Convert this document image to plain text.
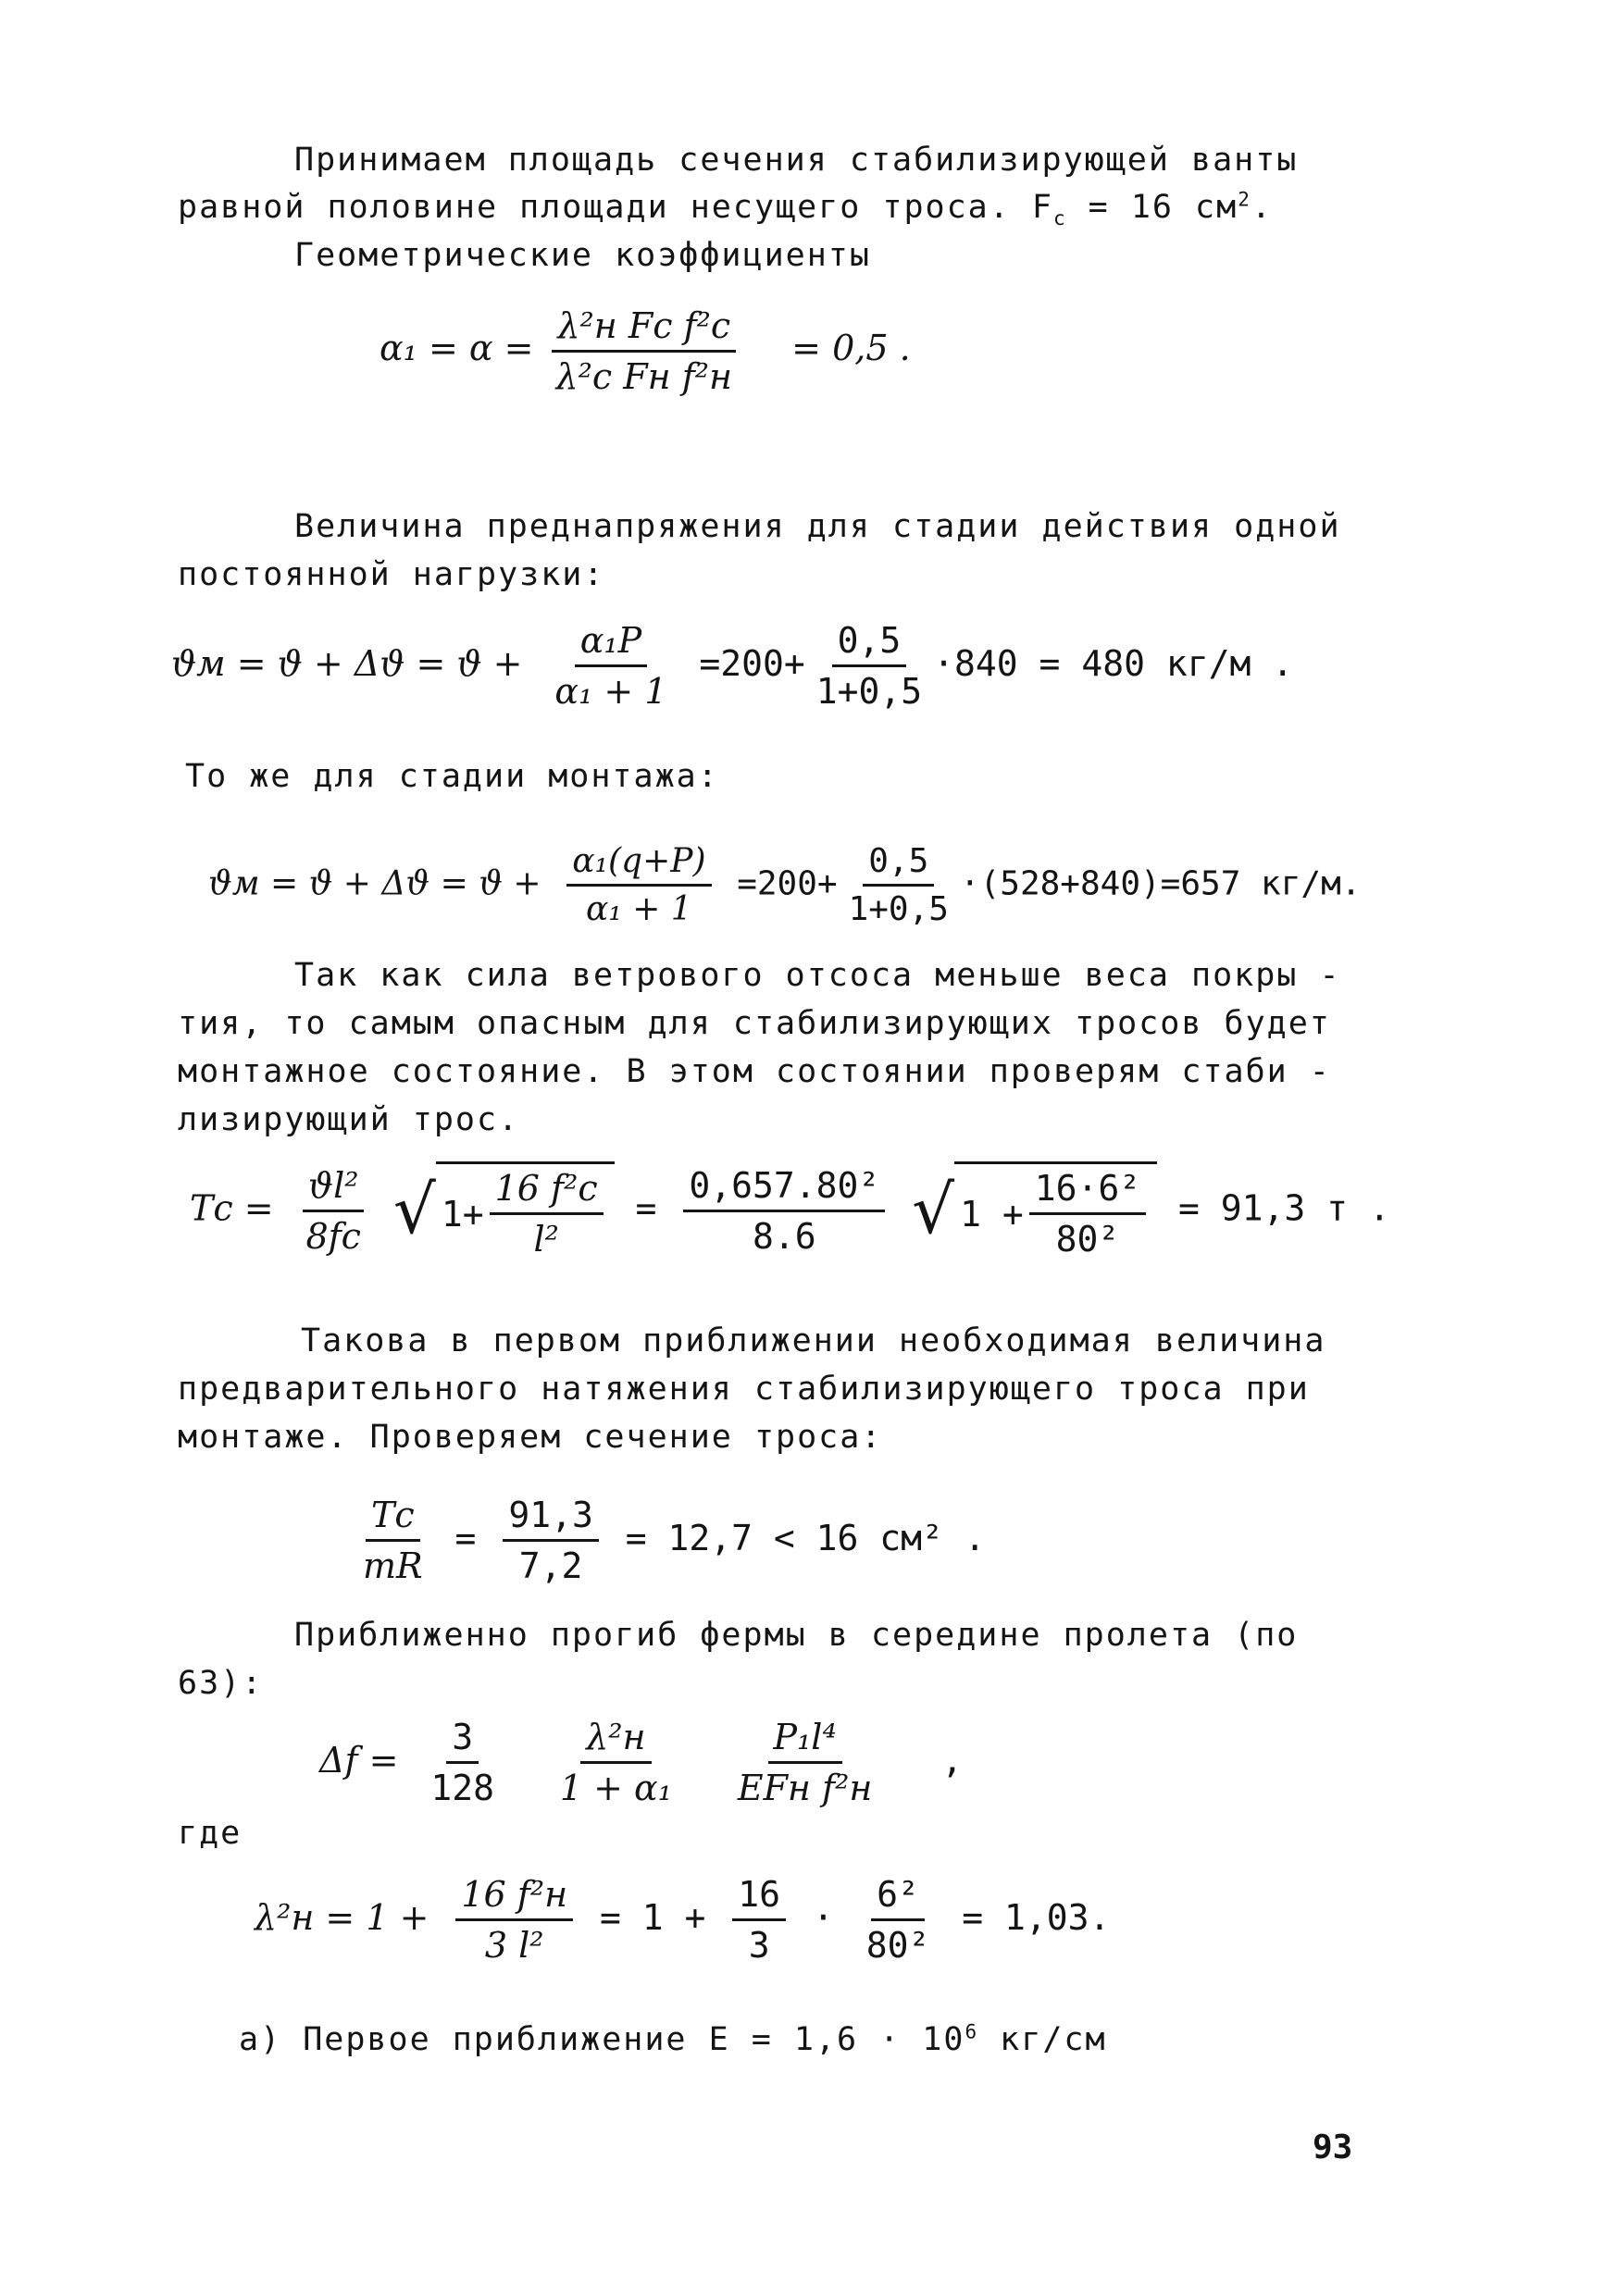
Принимаем площадь сечения стабилизирующей ванты
равной половине площади несущего троса. $F_с = 16$ $см^2$.
Геометрические коэффициенты
$\alpha_1 = \alpha = \frac{\text{λ²н Fс f²с}}{\text{λ²с Fн f²н}} = 0,5$ .
Величина преднапряжения для стадии действия одной
постоянной нагрузки:
$ϑм = ϑ + \Delta ϑ = ϑ + \frac{\text{α₁P}}{\text{α₁ + 1}} =200+ \frac{0,5}{1+0,5} \cdot 840 = 480$ кг/м .
То же для стадии монтажа:
$ϑм = ϑ + \Delta ϑ = ϑ + \frac{\text{α₁(q+P)}}{\text{α₁ + 1}} =200+ \frac{0,5}{1+0,5} \cdot(528+840)=657$ кг/м.
Так как сила ветрового отсоса меньше веса покры -
тия, то самым опасным для стабилизирующих тросов будет
монтажное состояние. В этом состоянии проверям стаби -
лизирующий трос.
Tс = $\frac{\text{ϑl²}}{8fс}$
√ $1+ \frac{\text{16 f²с}}{\text{l²}} = \frac{\text{0,657.80²}}{8.6}$
√ $1 + \frac{\text{16·6²}}{\text{80²}} = 91,3$ т .
Такова в первом приближении необходимая величина
предварительного натяжения стабилизирующего троса при
монтаже. Проверяем сечение троса:
$\frac{Tс}{mR} = \frac{91,3}{7,2} = 12,7 < 16$ см² .
Приближенно прогиб фермы в середине пролета (по
63):
$\Delta f = \frac{3}{128}$
$\frac{\text{λ²н}}{\text{1 + α₁}}$
$\frac{\text{P₁l⁴}}{\text{EFн f²н}}$ ,
где
$\lambda^2н = 1 + \frac{\text{16 f²н}}{\text{3 l²}} = 1 + \frac{16}{3} \cdot \frac{\text{6²}}{\text{80²}} = 1,03$.
а) Первое приближение $E = 1,6 \cdot 10^6$ кг/см
93
